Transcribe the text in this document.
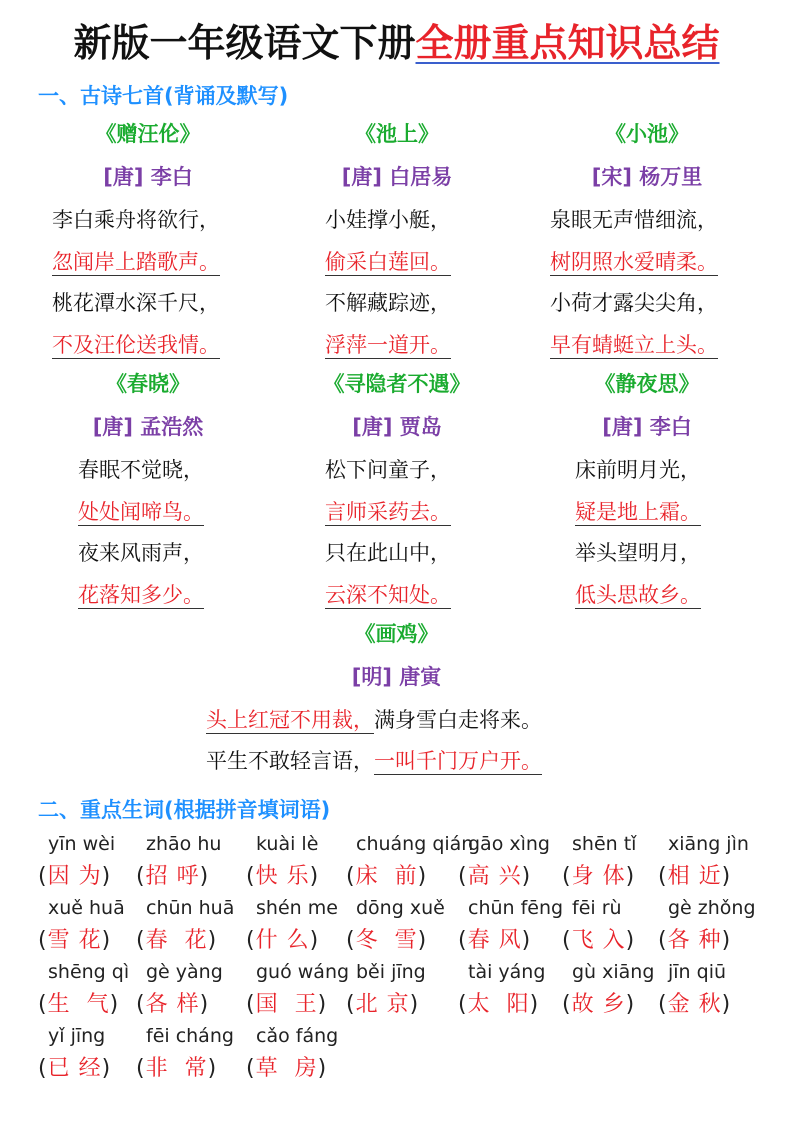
新版一年级语文下册全册重点知识总结
一、古诗七首(背诵及默写)
《赠汪伦》
[唐] 李白
李白乘舟将欲行，
忽闻岸上踏歌声。
桃花潭水深千尺，
不及汪伦送我情。
《池上》
[唐] 白居易
小娃撑小艇，
偷采白莲回。
不解藏踪迹，
浮萍一道开。
《小池》
[宋] 杨万里
泉眼无声惜细流，
树阴照水爱晴柔。
小荷才露尖尖角，
早有蜻蜓立上头。
《春晓》
[唐] 孟浩然
春眠不觉晓，
处处闻啼鸟。
夜来风雨声，
花落知多少。
《寻隐者不遇》
[唐] 贾岛
松下问童子，
言师采药去。
只在此山中，
云深不知处。
《静夜思》
[唐] 李白
床前明月光，
疑是地上霜。
举头望明月，
低头思故乡。
《画鸡》
[明] 唐寅
头上红冠不用裁，满身雪白走将来。
平生不敢轻言语，一叫千门万户开。
二、重点生词(根据拼音填词语)
yīn wèi
(因 为)
zhāo hu
(招 呼)
kuài lè
(快 乐)
chuáng qián
(床  前)
gāo xìng
(高 兴)
shēn tǐ
(身 体)
xiāng jìn
(相 近)
xuě huā
(雪 花)
chūn huā
(春  花)
shén me
(什 么)
dōng xuě
(冬  雪)
chūn fēng
(春 风)
fēi rù
(飞 入)
gè zhǒng
(各 种)
shēng qì
(生  气)
gè yàng
(各 样)
guó wáng
(国  王)
běi jīng
(北 京)
tài yáng
(太  阳)
gù xiāng
(故 乡)
jīn qiū
(金 秋)
yǐ jīng
(已 经)
fēi cháng
(非  常)
cǎo fáng
(草  房)
